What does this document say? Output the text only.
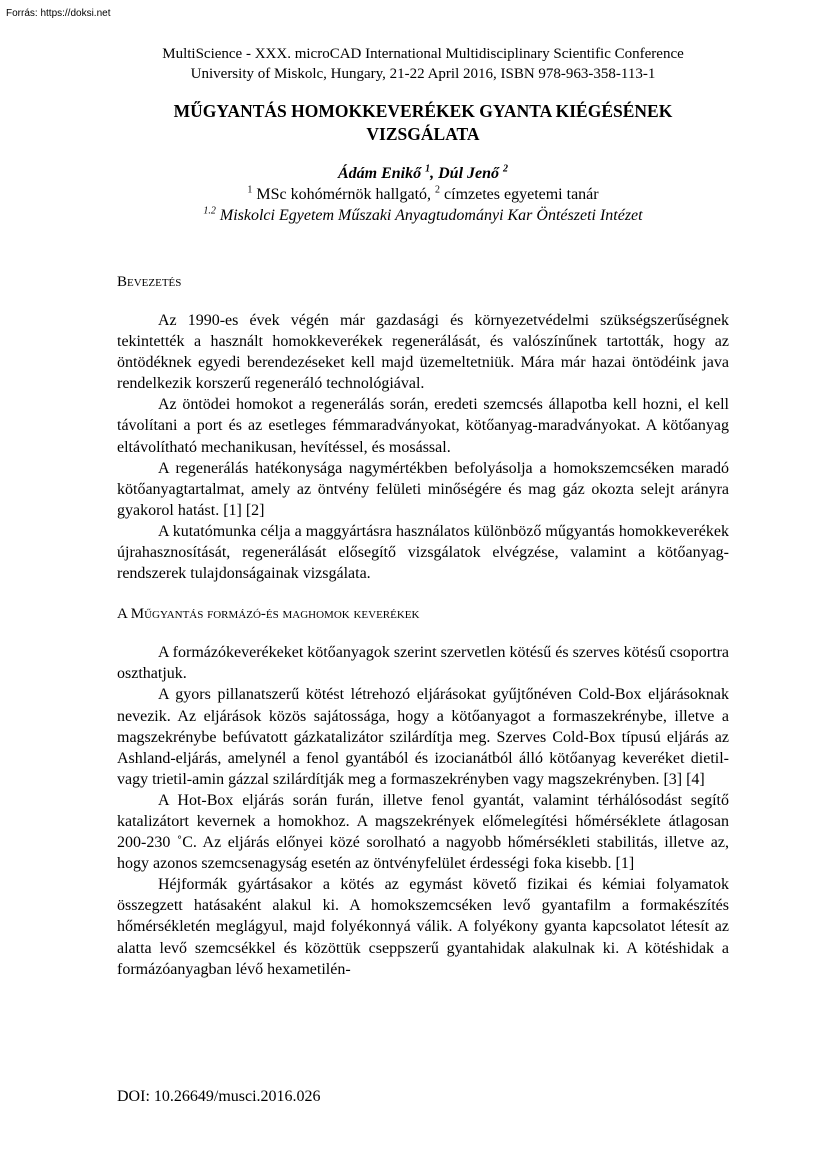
Forrás: https://doksi.net
MultiScience - XXX. microCAD International Multidisciplinary Scientific Conference
University of Miskolc, Hungary, 21-22 April 2016, ISBN 978-963-358-113-1
MŰGYANTÁS HOMOKKEVERÉKEK GYANTA KIÉGÉSÉNEK
VIZSGÁLATA
Ádám Enikő $^1$, Dúl Jenő $^2$
$^1$ MSc kohómérnök hallgató, $^2$ címzetes egyetemi tanár
$^{1.2}$ Miskolci Egyetem Műszaki Anyagtudományi Kar Öntészeti Intézet
Bevezetés

Az 1990-es évek végén már gazdasági és környezetvédelmi szükségszerűségnek tekintették a használt homokkeverékek regenerálását, és valószínűnek tartották, hogy az öntödéknek egyedi berendezéseket kell majd üzemeltetniük. Mára már hazai öntödéink java rendelkezik korszerű regeneráló technológiával.

Az öntödei homokot a regenerálás során, eredeti szemcsés állapotba kell hozni, el kell távolítani a port és az esetleges fémmaradványokat, kötőanyag-maradványokat. A kötőanyag eltávolítható mechanikusan, hevítéssel, és mosással.

A regenerálás hatékonysága nagymértékben befolyásolja a homokszemcséken maradó kötőanyagtartalmat, amely az öntvény felületi minőségére és mag gáz okozta selejt arányra gyakorol hatást. [1] [2]

A kutatómunka célja a maggyártásra használatos különböző műgyantás homokkeverékek újrahasznosítását, regenerálását elősegítő vizsgálatok elvégzése, valamint a kötőanyag-rendszerek tulajdonságainak vizsgálata.

A Műgyantás formázó-és maghomok keverékek

A formázókeverékeket kötőanyagok szerint szervetlen kötésű és szerves kötésű csoportra oszthatjuk.

A gyors pillanatszerű kötést létrehozó eljárásokat gyűjtőnéven Cold-Box eljárásoknak nevezik. Az eljárások közös sajátossága, hogy a kötőanyagot a formaszekrénybe, illetve a magszekrénybe befúvatott gázkatalizátor szilárdítja meg. Szerves Cold-Box típusú eljárás az Ashland-eljárás, amelynél a fenol gyantából és izocianátból álló kötőanyag keveréket dietil- vagy trietil-amin gázzal szilárdítják meg a formaszekrényben vagy magszekrényben. [3] [4]

A Hot-Box eljárás során furán, illetve fenol gyantát, valamint térhálósodást segítő katalizátort kevernek a homokhoz. A magszekrények előmelegítési hőmérséklete átlagosan 200-230 ˚C. Az eljárás előnyei közé sorolható a nagyobb hőmérsékleti stabilitás, illetve az, hogy azonos szemcsenagyság esetén az öntvényfelület érdességi foka kisebb. [1]

Héjformák gyártásakor a kötés az egymást követő fizikai és kémiai folyamatok összegzett hatásaként alakul ki. A homokszemcséken levő gyantafilm a formakészítés hőmérsékletén meglágyul, majd folyékonnyá válik. A folyékony gyanta kapcsolatot létesít az alatta levő szemcsékkel és közöttük cseppszerű gyantahidak alakulnak ki. A kötéshidak a formázóanyagban lévő hexametilén-

DOI: 10.26649/musci.2016.026
